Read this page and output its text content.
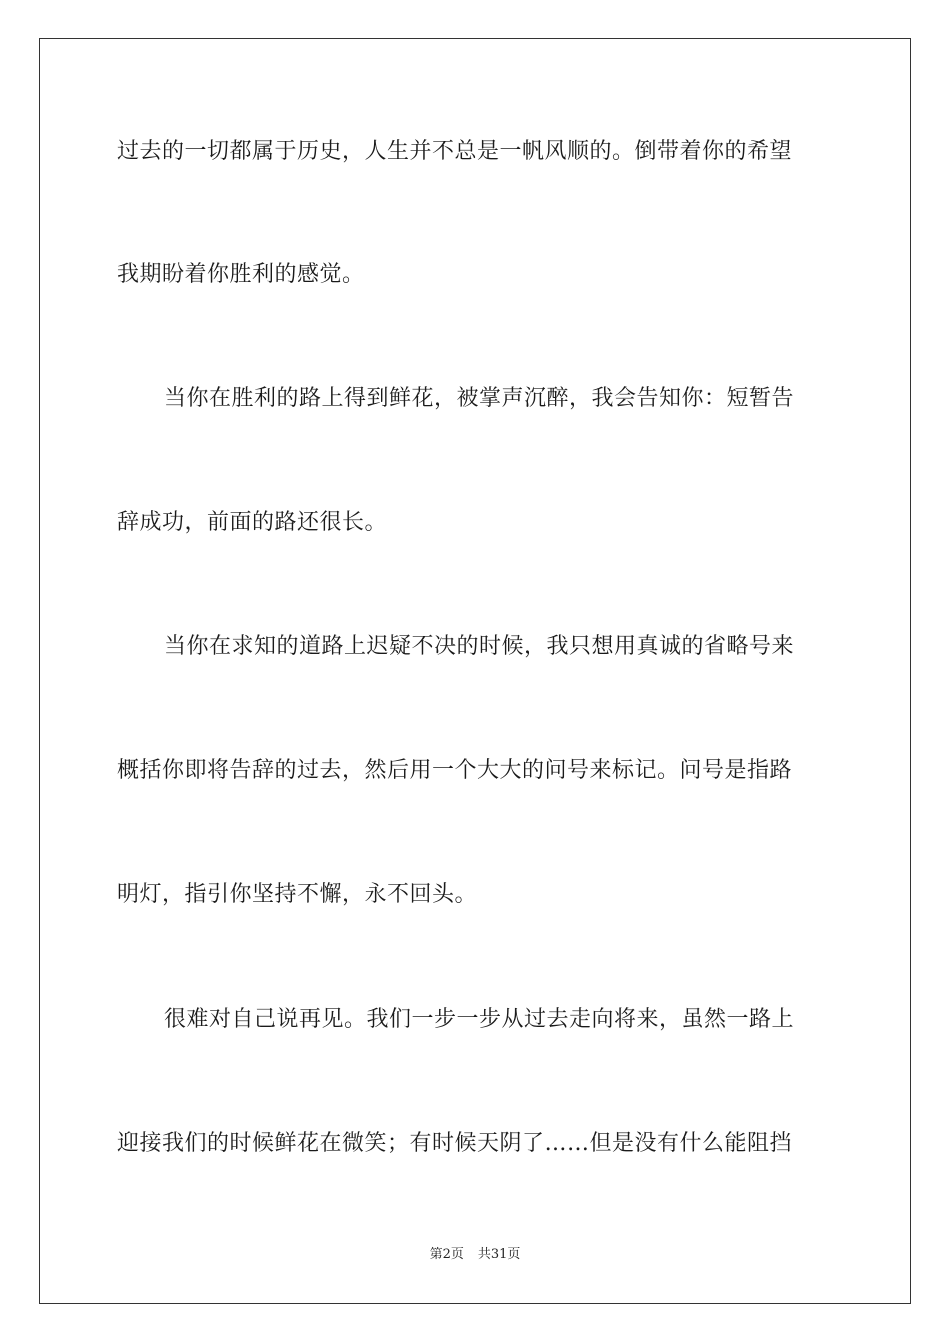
过去的一切都属于历史，人生并不总是一帆风顺的。倒带着你的希望
我期盼着你胜利的感觉。
当你在胜利的路上得到鲜花，被掌声沉醉，我会告知你：短暂告
辞成功，前面的路还很长。
当你在求知的道路上迟疑不决的时候，我只想用真诚的省略号来
概括你即将告辞的过去，然后用一个大大的问号来标记。问号是指路
明灯，指引你坚持不懈，永不回头。
很难对自己说再见。我们一步一步从过去走向将来，虽然一路上
迎接我们的时候鲜花在微笑；有时候天阴了……但是没有什么能阻挡
第2页 共31页
